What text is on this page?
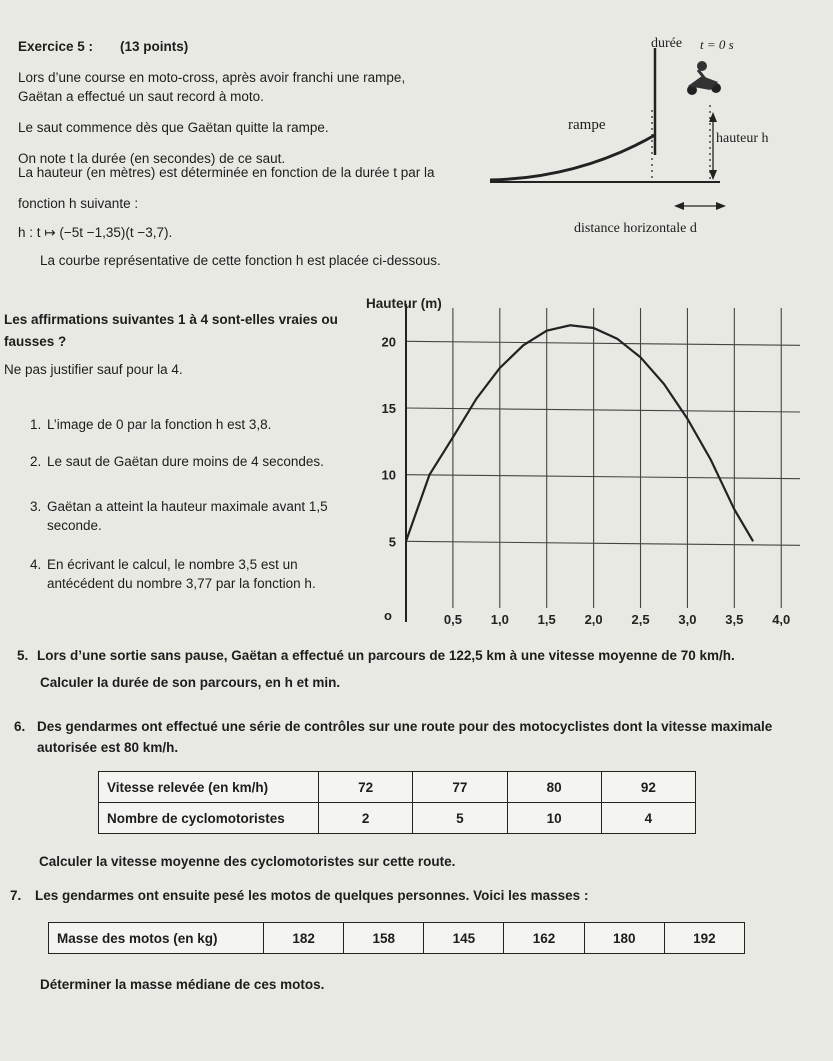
Exercice 5 : (13 points)
Lors d’une course en moto-cross, après avoir franchi une rampe,
Gaëtan a effectué un saut record à moto.
Le saut commence dès que Gaëtan quitte la rampe.
On note t la durée (en secondes) de ce saut.
La hauteur (en mètres) est déterminée en fonction de la durée t par la
fonction h suivante :
h : t ↦ (−5t −1,35)(t −3,7).
La courbe représentative de cette fonction h est placée ci-dessous.
durée t = 0 s
rampe
hauteur h
distance horizontale d
Les affirmations suivantes 1 à 4 sont-elles vraies ou
fausses ?
Ne pas justifier sauf pour la 4.
1. L’image de 0 par la fonction h est 3,8.
2. Le saut de Gaëtan dure moins de 4 secondes.
3. Gaëtan a atteint la hauteur maximale avant 1,5
seconde.
4. En écrivant le calcul, le nombre 3,5 est un
antécédent du nombre 3,77 par la fonction h.
0,5 1,0 1,5 2,0 2,5 3,0 3,5 4,0
5
10
15
20
o
Hauteur (m)
5. Lors d’une sortie sans pause, Gaëtan a effectué un parcours de 122,5 km à une vitesse moyenne de 70 km/h.
Calculer la durée de son parcours, en h et min.
6. Des gendarmes ont effectué une série de contrôles sur une route pour des motocyclistes dont la vitesse maximale
autorisée est 80 km/h.
Vitesse relevée (en km/h)	72	77	80	92
Nombre de cyclomotoristes	2	5	10	4
Calculer la vitesse moyenne des cyclomotoristes sur cette route.
7. Les gendarmes ont ensuite pesé les motos de quelques personnes. Voici les masses :
Masse des motos (en kg)	182	158	145	162	180	192
Déterminer la masse médiane de ces motos.
